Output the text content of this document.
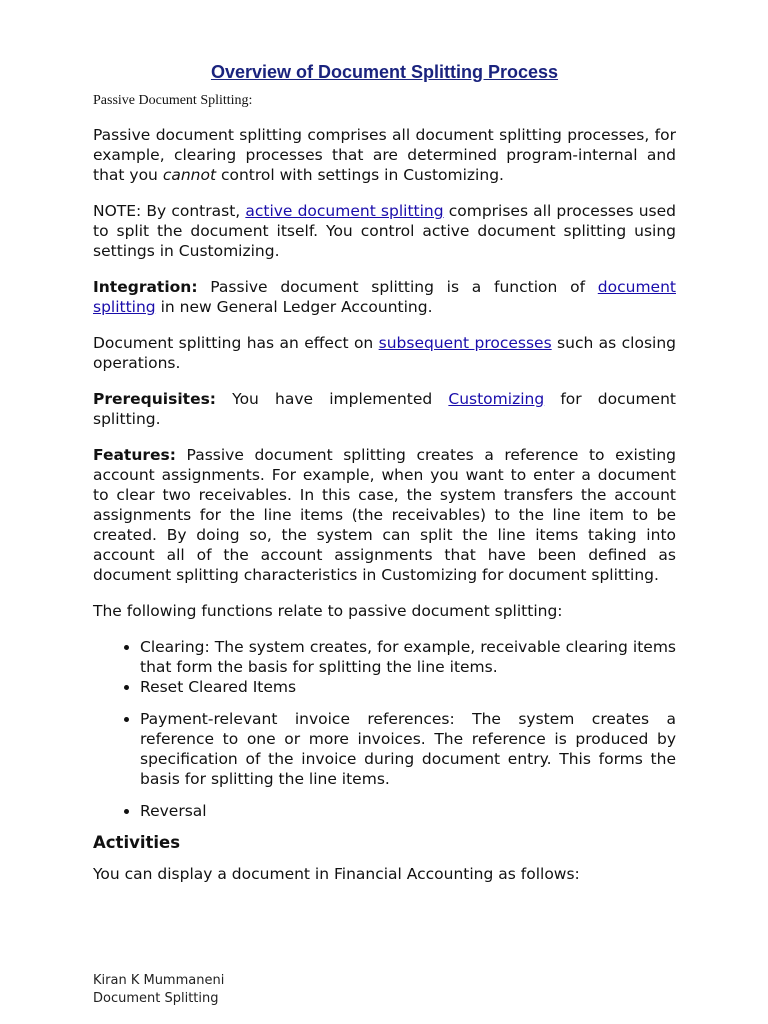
Overview of Document Splitting Process
Passive Document Splitting:

Passive document splitting comprises all document splitting processes, for example, clearing processes that are determined program-internal and that you cannot control with settings in Customizing.

NOTE: By contrast, active document splitting comprises all processes used to split the document itself. You control active document splitting using settings in Customizing.

Integration: Passive document splitting is a function of document splitting in new General Ledger Accounting.

Document splitting has an effect on subsequent processes such as closing operations.

Prerequisites: You have implemented Customizing for document splitting.

Features: Passive document splitting creates a reference to existing account assignments. For example, when you want to enter a document to clear two receivables. In this case, the system transfers the account assignments for the line items (the receivables) to the line item to be created. By doing so, the system can split the line items taking into account all of the account assignments that have been defined as document splitting characteristics in Customizing for document splitting.

The following functions relate to passive document splitting:

• Clearing: The system creates, for example, receivable clearing items that form the basis for splitting the line items.
• Reset Cleared Items
• Payment-relevant invoice references: The system creates a reference to one or more invoices. The reference is produced by specification of the invoice during document entry. This forms the basis for splitting the line items.
• Reversal
Activities

You can display a document in Financial Accounting as follows:

Kiran K Mummaneni
Document Splitting
